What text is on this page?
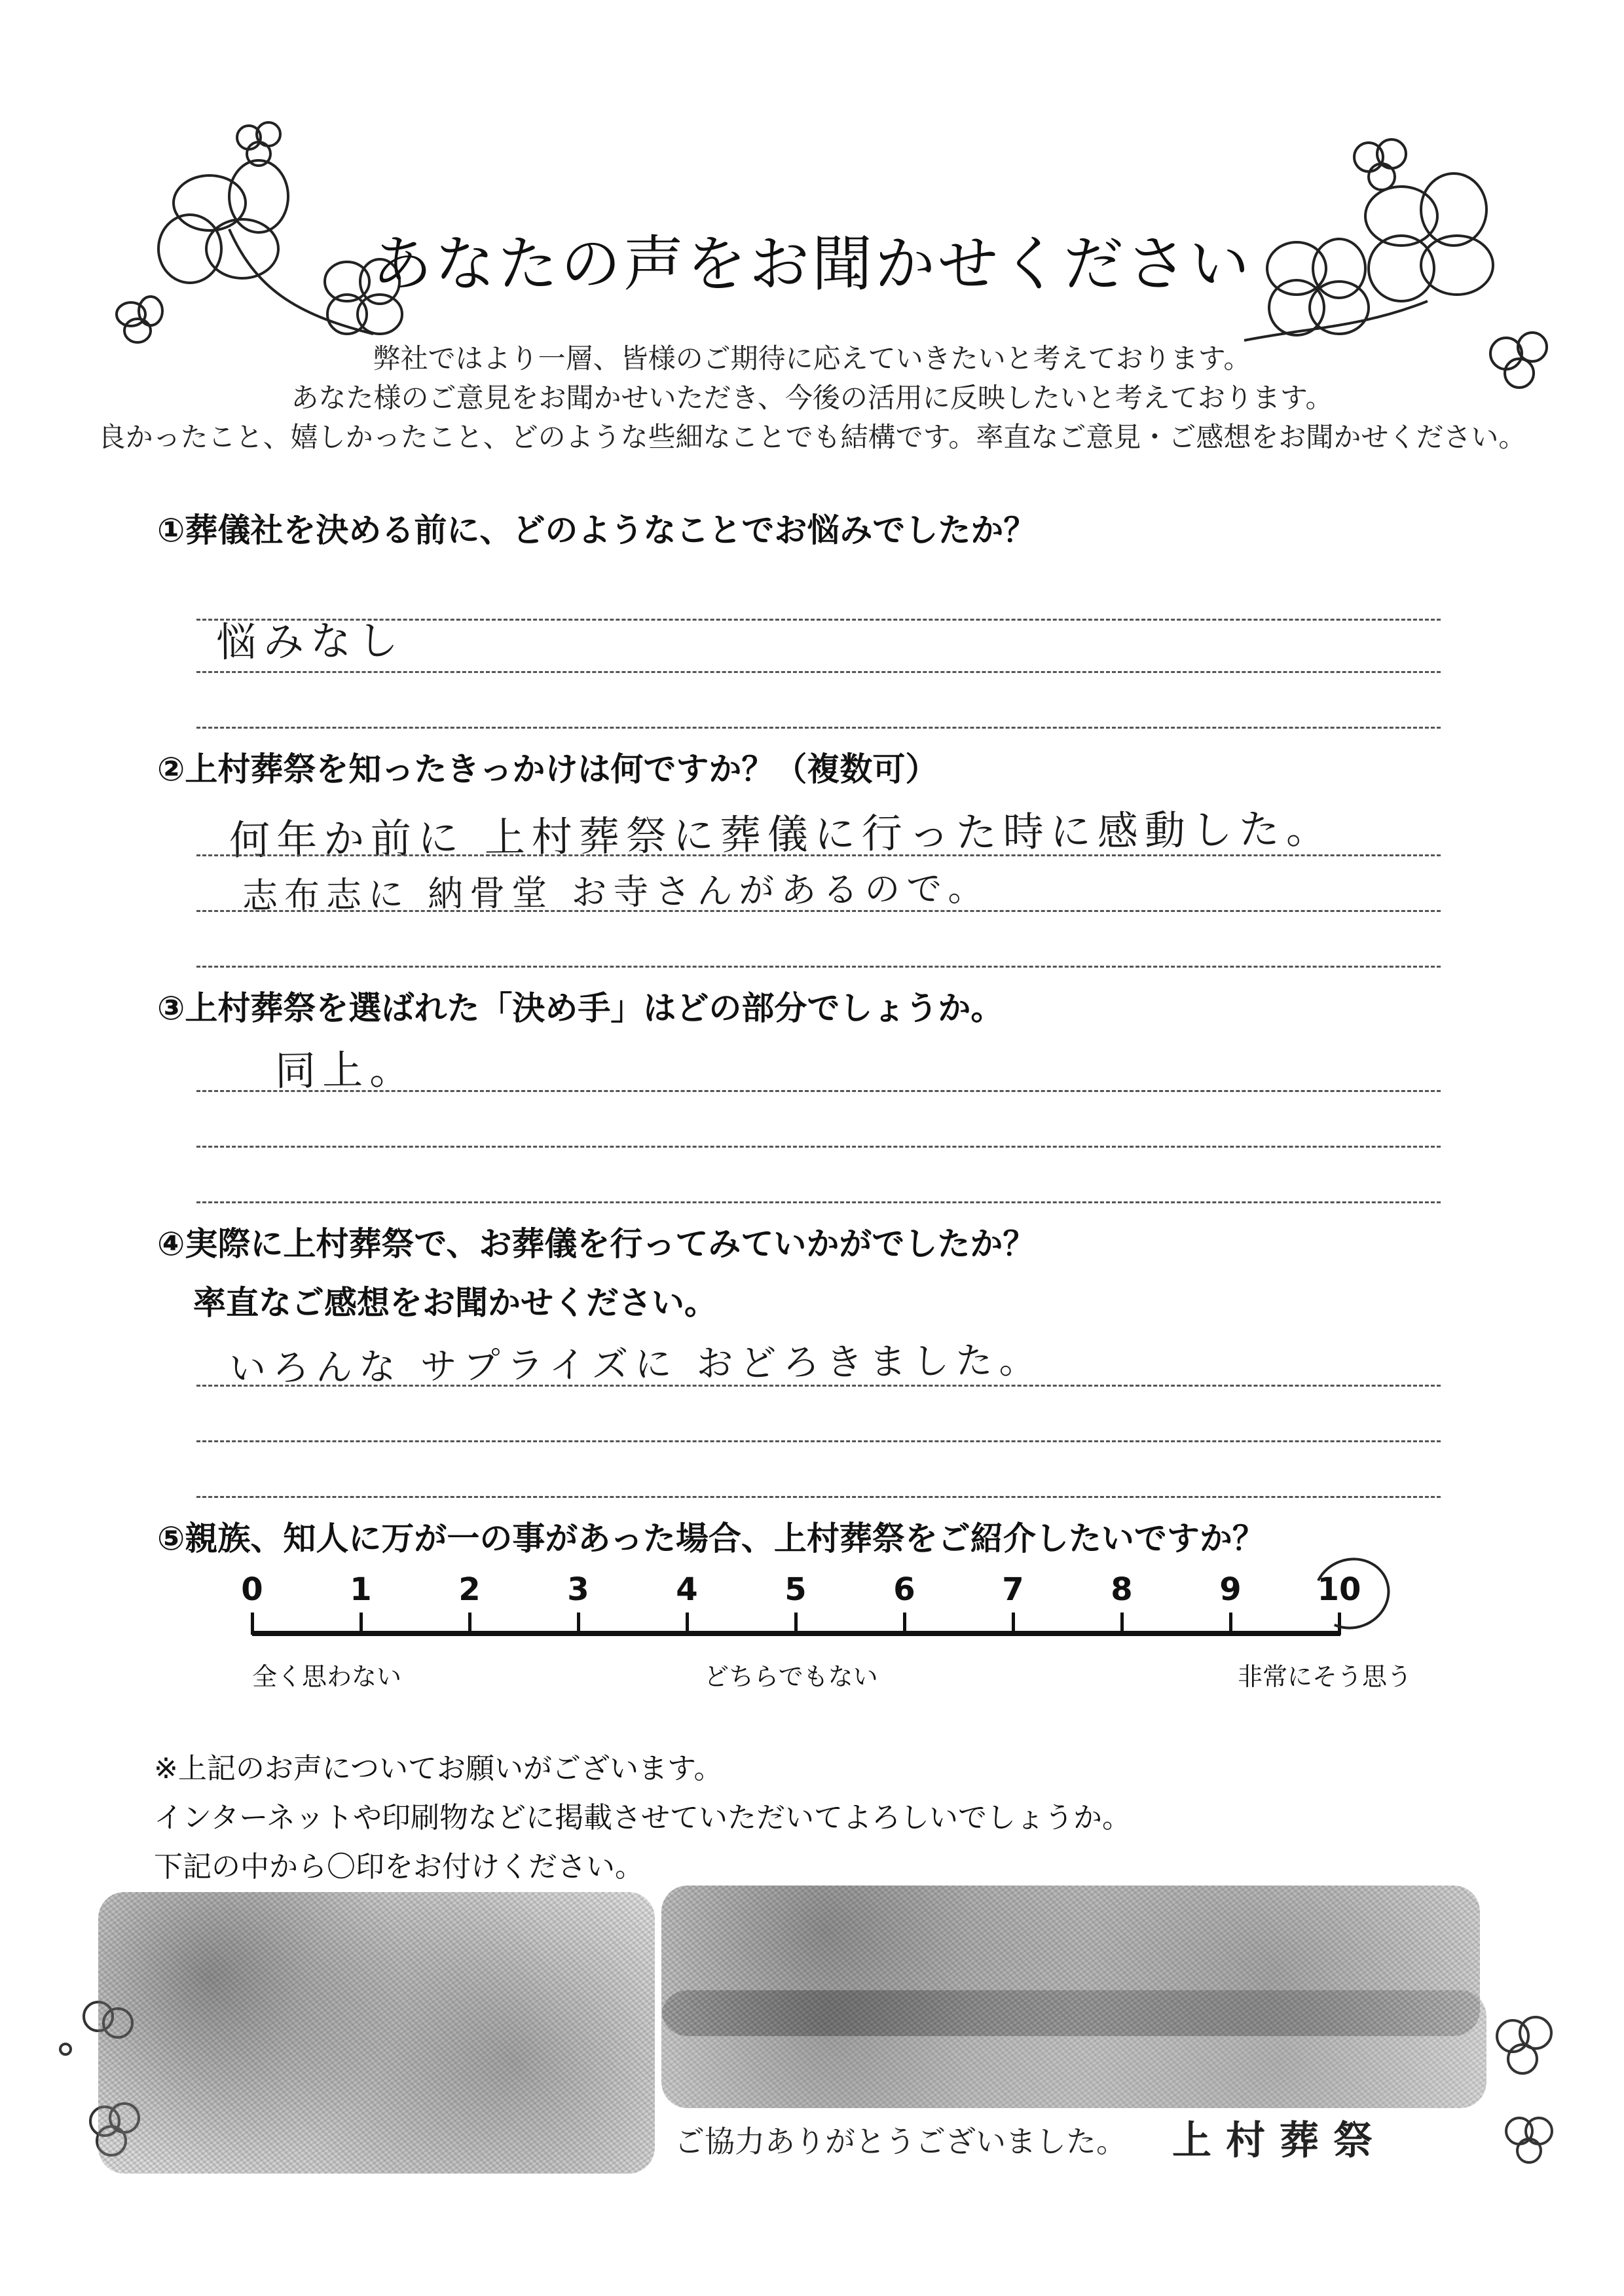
あなたの声をお聞かせください
弊社ではより一層、皆様のご期待に応えていきたいと考えております。
あなた様のご意見をお聞かせいただき、今後の活用に反映したいと考えております。
良かったこと、嬉しかったこと、どのような些細なことでも結構です。率直なご意見・ご感想をお聞かせください。
①葬儀社を決める前に、どのようなことでお悩みでしたか？
悩みなし
②上村葬祭を知ったきっかけは何ですか？（複数可）
何年か前に 上村葬祭に葬儀に行った時に感動した。
志布志に 納骨堂 お寺さんがあるので。
③上村葬祭を選ばれた「決め手」はどの部分でしょうか。
同上。
④実際に上村葬祭で、お葬儀を行ってみていかがでしたか？
率直なご感想をお聞かせください。
いろんな サプライズに おどろきました。
⑤親族、知人に万が一の事があった場合、上村葬祭をご紹介したいですか？
0	1	2	3	4	5	6	7	8	9	10
全く思わない	どちらでもない	非常にそう思う
※上記のお声についてお願いがございます。
インターネットや印刷物などに掲載させていただいてよろしいでしょうか。
下記の中から〇印をお付けください。
ご協力ありがとうございました。 上村葬祭
